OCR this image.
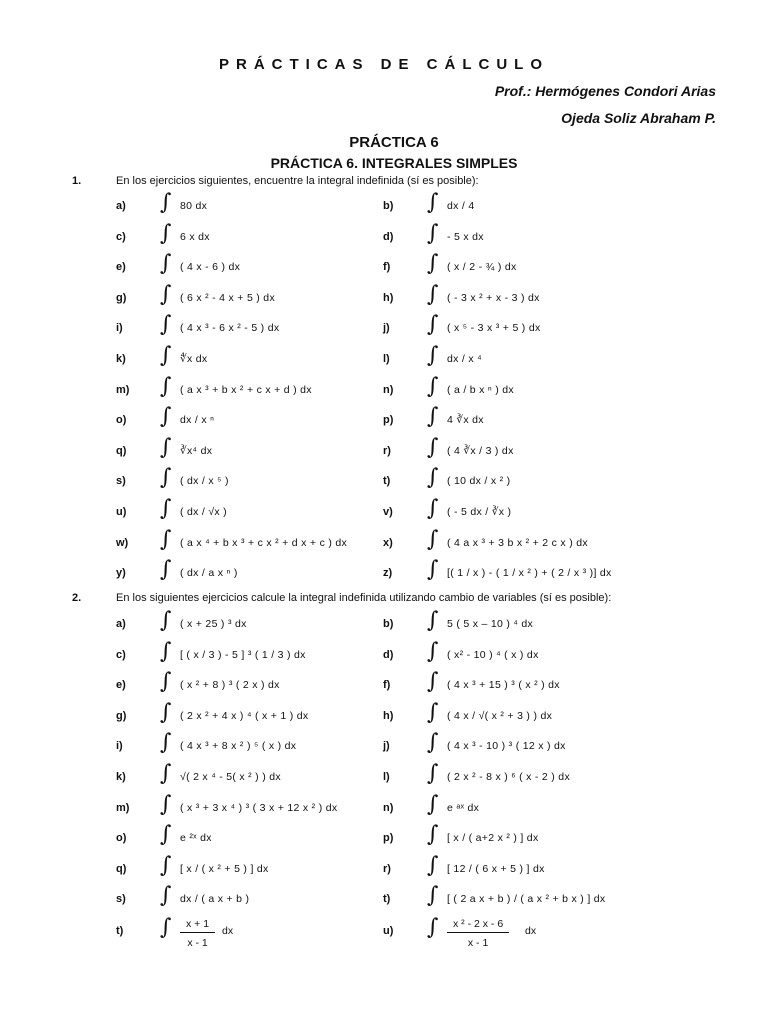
PRÁCTICAS DE CÁLCULO
Prof.: Hermógenes Condori Arias
Ojeda Soliz Abraham P.
PRÁCTICA 6
PRÁCTICA 6. INTEGRALES SIMPLES
1.	En los ejercicios siguientes, encuentre la integral indefinida (sí es posible):
2.	En los siguientes ejercicios calcule la integral indefinida utilizando cambio de variables (sí es posible):
a) ∫ 80 dx	b) ∫ dx / 4
c) ∫ 6 x dx	d) ∫ - 5 x dx
e) ∫ ( 4 x - 6 ) dx	f) ∫ ( x / 2 - ¾ ) dx
g) ∫ ( 6 x ² - 4 x + 5 ) dx	h) ∫ ( - 3 x ² + x - 3 ) dx
i) ∫ ( 4 x ³ - 6 x ² - 5 ) dx	j) ∫ ( x ⁵ - 3 x ³ + 5 ) dx
k) ∫ ∜x dx	l) ∫ dx / x ⁴
m) ∫ ( a x ³ + b x ² + c x + d ) dx	n) ∫ ( a / b x ⁿ ) dx
o) ∫ dx / x ⁿ	p) ∫ 4 ∛x dx
q) ∫ ∛x⁴ dx	r) ∫ ( 4 ∛x / 3 ) dx
s) ∫ ( dx / x ⁵ )	t) ∫ ( 10 dx / x ² )
u) ∫ ( dx / √x )	v) ∫ ( - 5 dx / ∛x )
w) ∫ ( a x ⁴ + b x ³ + c x ² + d x + c ) dx	x) ∫ ( 4 a x ³ + 3 b x ² + 2 c x ) dx
y) ∫ ( dx / a x ⁿ )	z) ∫ [( 1 / x ) - ( 1 / x ² ) + ( 2 / x ³ )] dx
a) ∫ ( x + 25 ) ³ dx	b) ∫ 5 ( 5 x – 10 ) ⁴ dx
c) ∫ [ ( x / 3 ) - 5 ] ³ ( 1 / 3 ) dx	d) ∫ ( x² - 10 ) ⁴ ( x ) dx
e) ∫ ( x ² + 8 ) ³ ( 2 x ) dx	f) ∫ ( 4 x ³ + 15 ) ³ ( x ² ) dx
g) ∫ ( 2 x ² + 4 x ) ⁴ ( x + 1 ) dx	h) ∫ ( 4 x / √( x ² + 3 ) ) dx
i) ∫ ( 4 x ³ + 8 x ² ) ⁵ ( x ) dx	j) ∫ ( 4 x ³ - 10 ) ³ ( 12 x ) dx
k) ∫ √( 2 x ⁴ - 5( x ² ) ) dx	l) ∫ ( 2 x ² - 8 x ) ⁶ ( x - 2 ) dx
m) ∫ ( x ³ + 3 x ⁴ ) ³ ( 3 x + 12 x ² ) dx	n) ∫ e ᵃˣ dx
o) ∫ e ²ˣ dx	p) ∫ [ x / ( a+2 x ² ) ] dx
q) ∫ [ x / ( x ² + 5 ) ] dx	r) ∫ [ 12 / ( 6 x + 5 ) ] dx
s) ∫ dx / ( a x + b )	t) ∫ [ ( 2 a x + b ) / ( a x ² + b x ) ] dx
t) ∫ $\frac{x + 1}{x - 1}$ dx	u) ∫ $\frac{\text{x ² - 2 x - 6}}{x - 1}$ dx
